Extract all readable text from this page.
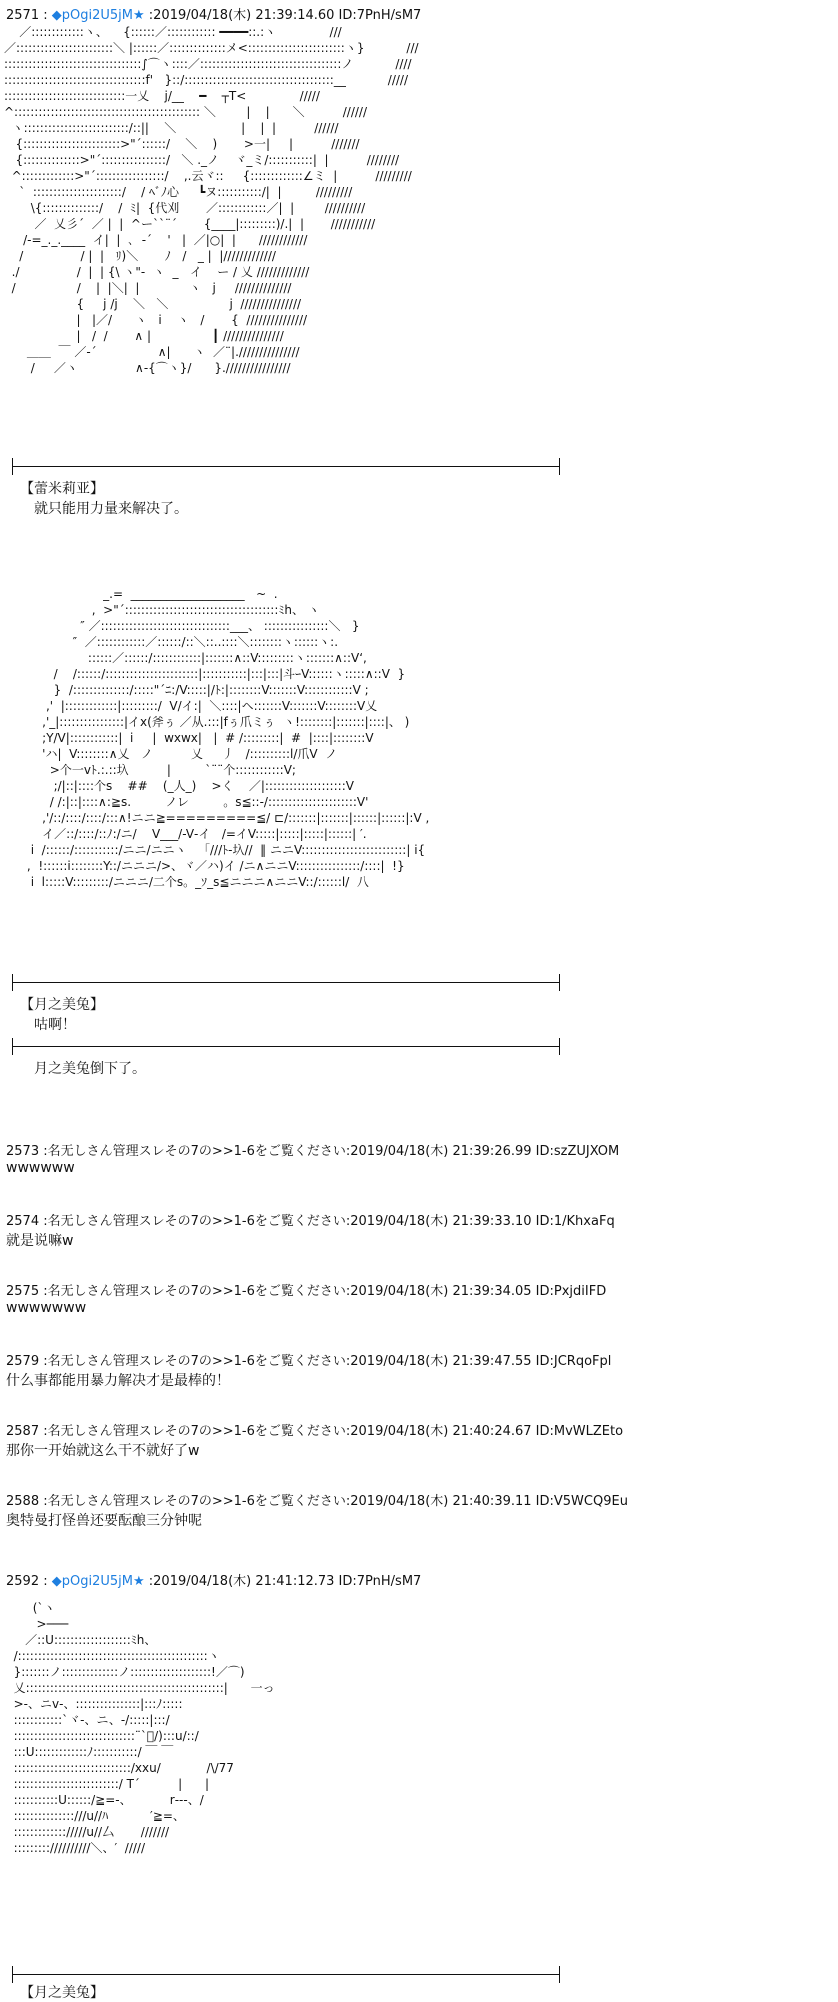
2571 : ◆pOgi2U5jM★ :2019/04/18(木) 21:39:14.60 ID:7PnH/sM7
／:::::::::::::ヽ、    {::::::／:::::::::::: ━━━━::.:ヽ              ///
／::::::::::::::::::::::::＼ |::::::／::::::::::::::メ<::::::::::::::::::::::::ヽ}           ///
::::::::::::::::::::::::::::::::::∫⌒ヽ::::／:::::::::::::::::::::::::::::::::::ノ           ////
:::::::::::::::::::::::::::::::::::f'   }::/:::::::::::::::::::::::::::::::::::::__           /////
::::::::::::::::::::::::::::::一乂    j/__    ━    ┬T<              /////
^:::::::::::::::::::::::::::::::::::::::::::::: ＼        |    |      ＼          //////
ヽ::::::::::::::::::::::::::/::||    ＼                 |    |  |          //////
{::::::::::::::::::::::::>"´::::::/    ＼    )       >一|     |          ///////
{::::::::::::::>"´::::::::::::::::/   ＼ ._ノ    ヾ_ミ/:::::::::::|  |          ////////
^:::::::::::::>"´:::::::::::::::::/    ,.云ヾ::     {:::::::::::::∠ミ  |          /////////
`  ::::::::::::::::::::::/    / ﾍﾞﾉ心     ┗ヌ:::::::::::/|  |         /////////
\{::::::::::::::/    /  ﾐ|  {代刈       ／::::::::::::／|  |        //////////
／  乂彡´  ／ |  |  ^ー``¨´       {____|:::::::::)/.|  |       ///////////
/‐=_._.____  イ|  |  ､  ‐´    '   |  ／|○|  |      ////////////
/               / |  |   ﾘ)＼       ﾉ   /   _ |  |/////////////
./               /  |  | {\ ヽ"-  ヽ  _   イ    ー / 乂 /////////////
/                /    |  |＼|  |             ヽ   j     //////////////
{     j /j    ＼   ＼                j  ///////////////
|   |／/      ヽ   i    ヽ   /       {  ///////////////
|   /  /       ∧ |                ┃ ///////////////
＿＿  ￣ ／‐´                ∧|      ヽ  ／¨|.///////////////
/     ／ヽ               ∧‐{⌒ヽ}/      }.////////////////
【蕾米莉亚】
就只能用力量来解决了。
_.=  ___________________   ~  .
,  >"´::::::::::::::::::::::::::::::::::::::ﾐh、 ヽ
″ ／::::::::::::::::::::::::::::::::___、 ::::::::::::::::＼   }
″  ／::::::::::::／::::::/::＼::..::::＼::::::::ヽ::::::ヽ:.
::::::／::::::/::::::::::::|:::::::∧::V:::::::::ヽ:::::::∧::V‘,
/    /::::::/:::::::::::::::::::::::|:::::::::::|:::|:::|斗ｰV::::::ヽ:::::∧::V  }
}  /::::::::::::::/:::::"´ﾆ:/V:::::|/ﾄ:|::::::::V:::::::V::::::::::::V ;
,'  |:::::::::::::|:::::::::/  V/イ:|  ＼::::|ヘ:::::::V:::::::V::::::::V乂
,'_|::::::::::::::::|イx(斧ぅ ／从.:::|fぅ爪ミぅ  ヽ!::::::::|:::::::|::::|、 )
;Y/V|::::::::::::|  i     |  wxwx|   |  # /:::::::::|  #  |::::|::::::::V
'ハ|  V::::::::∧乂   ノ          乂     丿   /::::::::::l/爪V  ノ
>个一vﾄ.:.::圦          |         `¨¨个::::::::::::V;
;/|::|::::个s    ##    (_人_)    >く    ／|::::::::::::::::::::V
/ /:|::|::::∧:≧s.         ノレ         。s≦::‐/::::::::::::::::::::::V'
,'/::/::::/::::/:::∧!ニニ≧=========≦/ ⊏/:::::::|:::::::|::::::|::::::|:V ,
イ／::/::::/::ﾉ:/ニ/    V___/‐V‐イ   /=イV:::::|:::::|:::::|::::::| ′.
i  /::::::/:::::::::::/ニニ/ニニヽ   「///ﾄ-圦//  ‖ ニニV::::::::::::::::::::::::::| i{
,  !::::::i::::::::Y::/ニニニ/>、ヾ／ハ)イ /ニ∧ニニV::::::::::::::::/::::|  !}
i  l:::::V:::::::::/ニニニ/二个s。_ｿ_s≦ニニニ∧ニニV::/::::::l/  八
【月之美兔】
咕啊！
月之美兔倒下了。
2573 :名无しさん管理スレその7の>>1-6をご覧ください:2019/04/18(木) 21:39:26.99 ID:szZUJXOM
wwwwww
2574 :名无しさん管理スレその7の>>1-6をご覧ください:2019/04/18(木) 21:39:33.10 ID:1/KhxaFq
就是说嘛w
2575 :名无しさん管理スレその7の>>1-6をご覧ください:2019/04/18(木) 21:39:34.05 ID:PxjdiIFD
wwwwwww
2579 :名无しさん管理スレその7の>>1-6をご覧ください:2019/04/18(木) 21:39:47.55 ID:JCRqoFpl
什么事都能用暴力解决才是最棒的！
2587 :名无しさん管理スレその7の>>1-6をご覧ください:2019/04/18(木) 21:40:24.67 ID:MvWLZEto
那你一开始就这么干不就好了w
2588 :名无しさん管理スレその7の>>1-6をご覧ください:2019/04/18(木) 21:40:39.11 ID:V5WCQ9Eu
奥特曼打怪兽还要酝酿三分钟呢
2592 : ◆pOgi2U5jM★ :2019/04/18(木) 21:41:12.73 ID:7PnH/sM7
(`ヽ
>───
／::U:::::::::::::::::::ﾐh、
/:::::::::::::::::::::::::::::::::::::::::::::::ヽ
}:::::::ノ::::::::::::::ノ::::::::::::::::::::!／⌒)
乂:::::::::::::::::::::::::::::::::::::::::::::::::|      一っ
>‐、ニv‐、::::::::::::::::|:::ﾉ:::::
::::::::::::`ヾ‐、ニ、‐/:::::|:::/
::::::::::::::::::::::::::::::¨`ﾞ/):::u/::/
:::U:::::::::::::ﾉ:::::::::::/ ￣ ￣
:::::::::::::::::::::::::::::/xxu/            /\/77
::::::::::::::::::::::::::/ T´          |      |
:::::::::::U::::::/≧=‐、          r‐‐‐、/
:::::::::::::::///u//ﾊ           ′≧=、
::::::::::::://///u//厶       ///////
::::::::://////////＼、′  /////
【月之美兔】
